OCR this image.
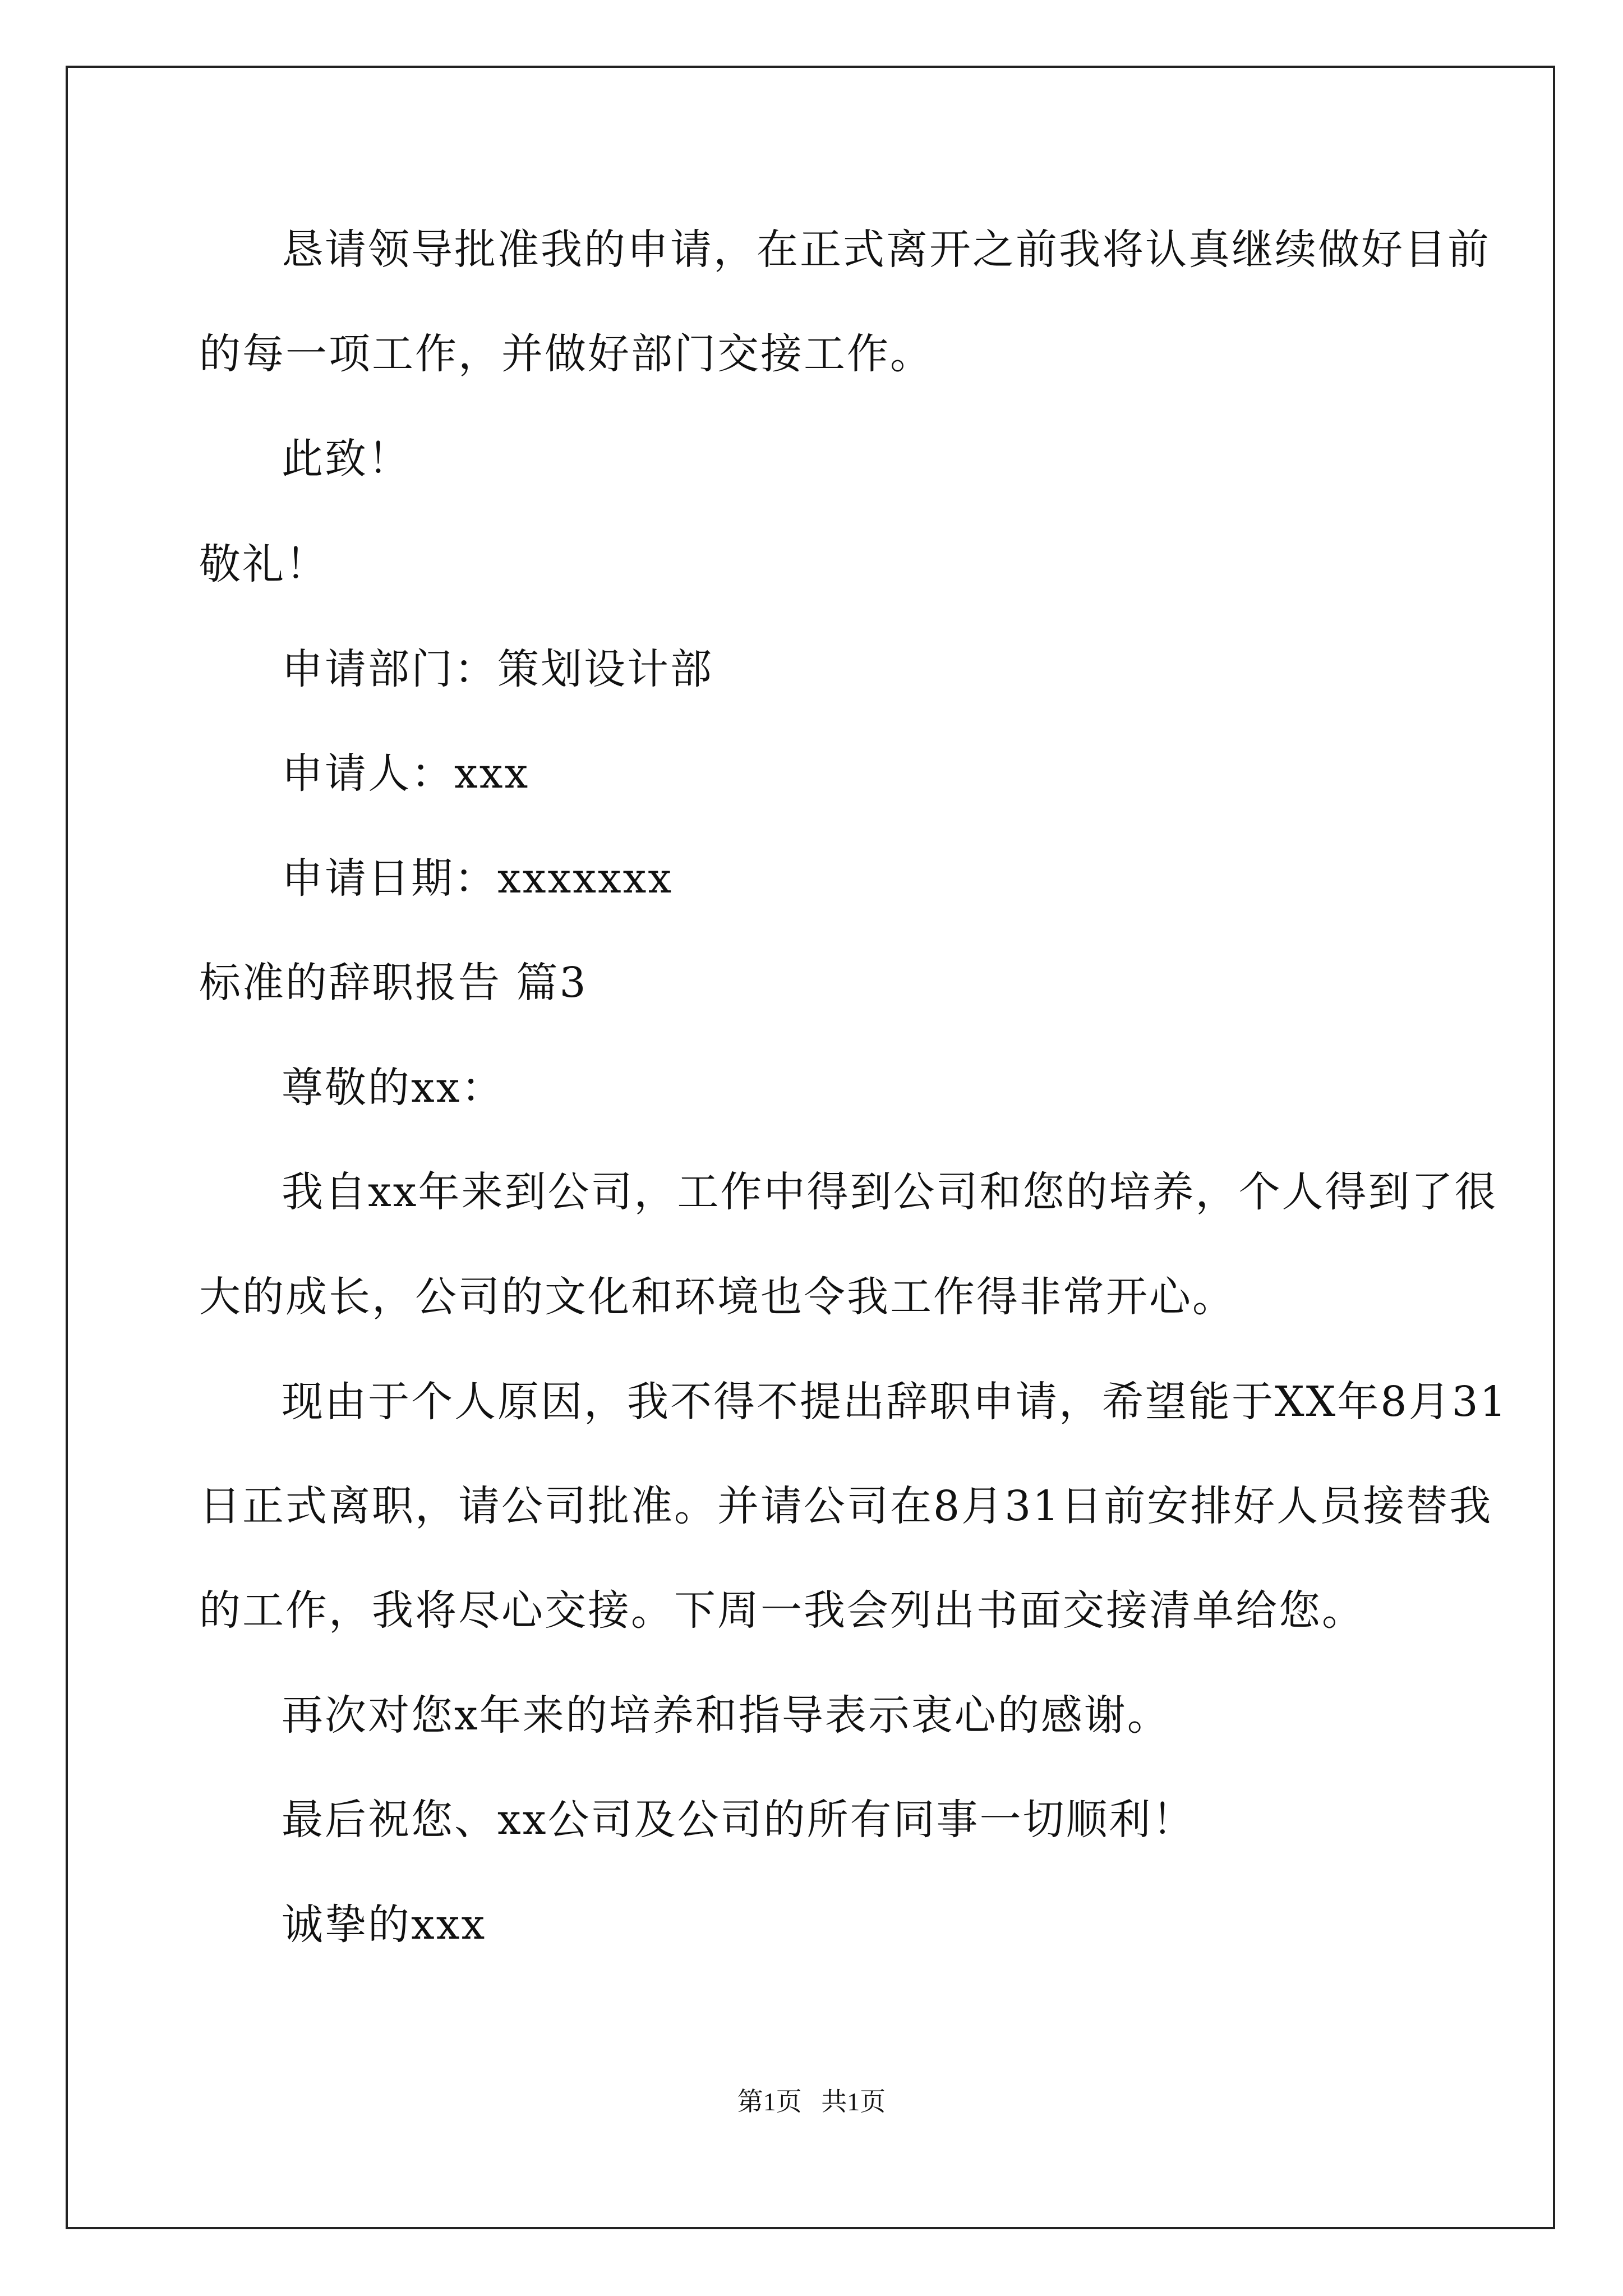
恳请领导批准我的申请，在正式离开之前我将认真继续做好目前
的每一项工作，并做好部门交接工作。
此致！
敬礼！
申请部门：策划设计部
申请人：xxx
申请日期：xxxxxxx
标准的辞职报告 篇3
尊敬的xx：
我自xx年来到公司，工作中得到公司和您的培养，个人得到了很
大的成长，公司的文化和环境也令我工作得非常开心。
现由于个人原因，我不得不提出辞职申请，希望能于XX年8月31
日正式离职，请公司批准。并请公司在8月31日前安排好人员接替我
的工作，我将尽心交接。下周一我会列出书面交接清单给您。
再次对您x年来的培养和指导表示衷心的感谢。
最后祝您、xx公司及公司的所有同事一切顺利！
诚挚的xxx
第1页   共1页
